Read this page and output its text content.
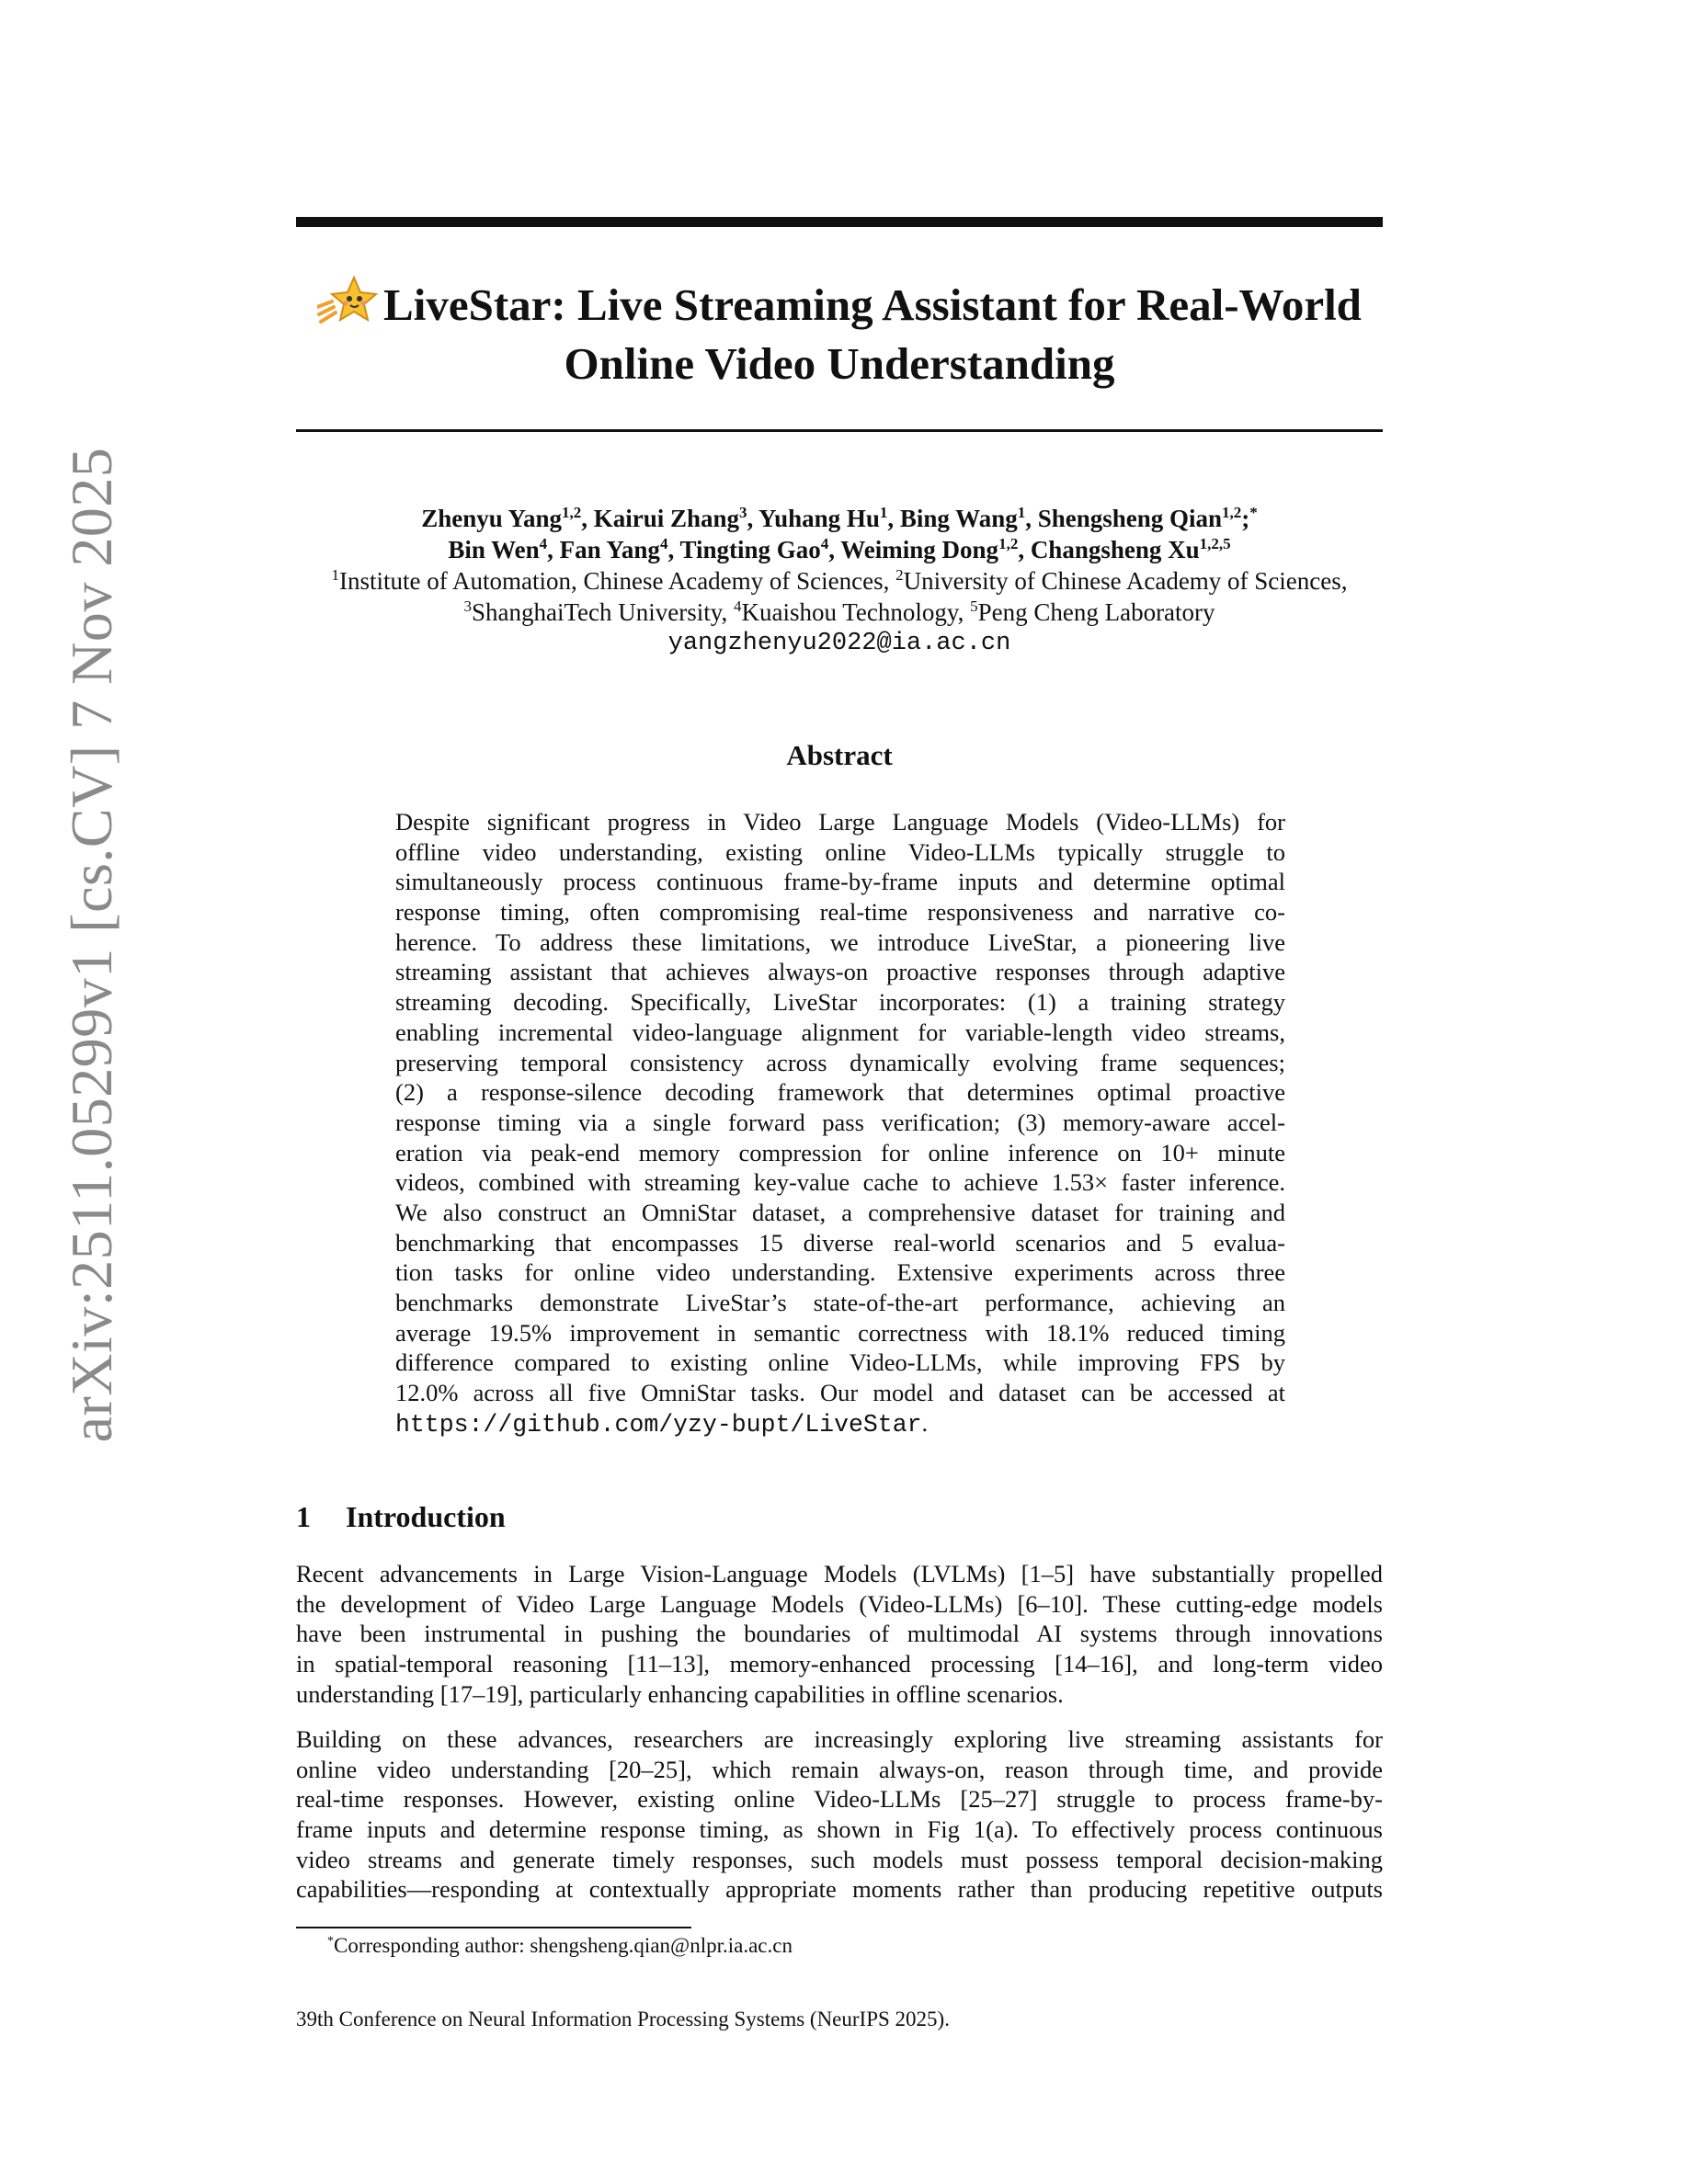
arXiv:2511.05299v1 [cs.CV] 7 Nov 2025
LiveStar: Live Streaming Assistant for Real-World
Online Video Understanding
Zhenyu Yang$^{1,2}$, Kairui Zhang$^3$, Yuhang Hu$^1$, Bing Wang$^1$, Shengsheng Qian$^{1,2}$;*
Bin Wen$^4$, Fan Yang$^4$, Tingting Gao$^4$, Weiming Dong$^{1,2}$, Changsheng Xu$^{1,2,5}$
$^1$Institute of Automation, Chinese Academy of Sciences, $^2$University of Chinese Academy of Sciences,
$^3$ShanghaiTech University, $^4$Kuaishou Technology, $^5$Peng Cheng Laboratory
yangzhenyu2022@ia.ac.cn
Abstract
Despite significant progress in Video Large Language Models (Video-LLMs) for
offline video understanding, existing online Video-LLMs typically struggle to
simultaneously process continuous frame-by-frame inputs and determine optimal
response timing, often compromising real-time responsiveness and narrative co-
herence. To address these limitations, we introduce LiveStar, a pioneering live
streaming assistant that achieves always-on proactive responses through adaptive
streaming decoding. Specifically, LiveStar incorporates: (1) a training strategy
enabling incremental video-language alignment for variable-length video streams,
preserving temporal consistency across dynamically evolving frame sequences;
(2) a response-silence decoding framework that determines optimal proactive
response timing via a single forward pass verification; (3) memory-aware accel-
eration via peak-end memory compression for online inference on 10+ minute
videos, combined with streaming key-value cache to achieve 1.53× faster inference.
We also construct an OmniStar dataset, a comprehensive dataset for training and
benchmarking that encompasses 15 diverse real-world scenarios and 5 evalua-
tion tasks for online video understanding. Extensive experiments across three
benchmarks demonstrate LiveStar’s state-of-the-art performance, achieving an
average 19.5% improvement in semantic correctness with 18.1% reduced timing
difference compared to existing online Video-LLMs, while improving FPS by
12.0% across all five OmniStar tasks. Our model and dataset can be accessed at
https://github.com/yzy-bupt/LiveStar.
1 Introduction
Recent advancements in Large Vision-Language Models (LVLMs) [1–5] have substantially propelled
the development of Video Large Language Models (Video-LLMs) [6–10]. These cutting-edge models
have been instrumental in pushing the boundaries of multimodal AI systems through innovations
in spatial-temporal reasoning [11–13], memory-enhanced processing [14–16], and long-term video
understanding [17–19], particularly enhancing capabilities in offline scenarios.
Building on these advances, researchers are increasingly exploring live streaming assistants for
online video understanding [20–25], which remain always-on, reason through time, and provide
real-time responses. However, existing online Video-LLMs [25–27] struggle to process frame-by-
frame inputs and determine response timing, as shown in Fig 1(a). To effectively process continuous
video streams and generate timely responses, such models must possess temporal decision-making
capabilities—responding at contextually appropriate moments rather than producing repetitive outputs
*Corresponding author: shengsheng.qian@nlpr.ia.ac.cn
39th Conference on Neural Information Processing Systems (NeurIPS 2025).
